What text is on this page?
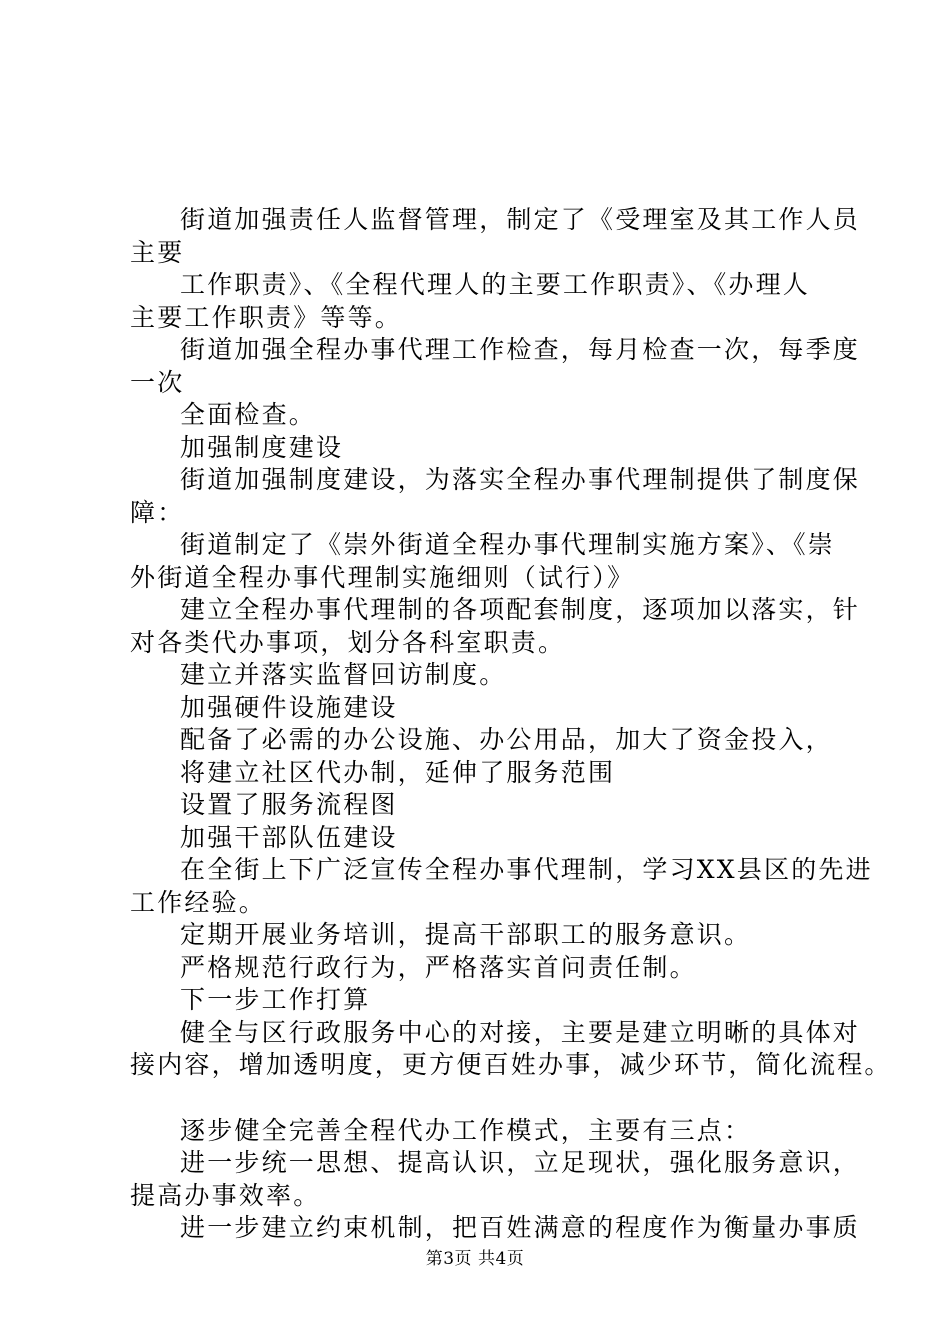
街道加强责任人监督管理，制定了《受理室及其工作人员

主要

工作职责》、《全程代理人的主要工作职责》、《办理人

主要工作职责》等等。

街道加强全程办事代理工作检查，每月检查一次，每季度

一次

全面检查。

加强制度建设

街道加强制度建设，为落实全程办事代理制提供了制度保

障：

街道制定了《崇外街道全程办事代理制实施方案》、《崇

外街道全程办事代理制实施细则（试行）》

建立全程办事代理制的各项配套制度，逐项加以落实，针

对各类代办事项，划分各科室职责。

建立并落实监督回访制度。

加强硬件设施建设

配备了必需的办公设施、办公用品，加大了资金投入，

将建立社区代办制，延伸了服务范围

设置了服务流程图

加强干部队伍建设

在全街上下广泛宣传全程办事代理制，学习XX县区的先进

工作经验。

定期开展业务培训，提高干部职工的服务意识。

严格规范行政行为，严格落实首问责任制。

下一步工作打算

健全与区行政服务中心的对接，主要是建立明晰的具体对

接内容，增加透明度，更方便百姓办事，减少环节，简化流程。

逐步健全完善全程代办工作模式，主要有三点：

进一步统一思想、提高认识，立足现状，强化服务意识，

提高办事效率。

进一步建立约束机制，把百姓满意的程度作为衡量办事质

第3页 共4页
